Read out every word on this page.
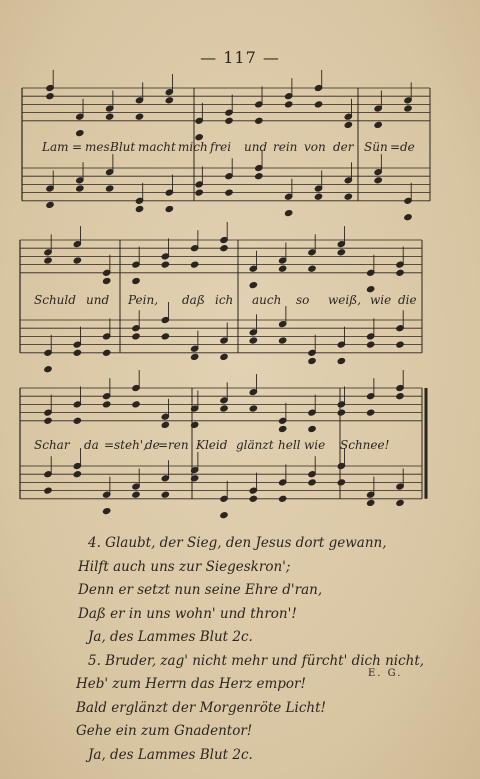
— 117 —
Lam = mes Blut macht mich frei und rein von der Sün = de
Schuld und Pein, daß ich auch so weiß, wie die
Schar da = steh',
de
= ren Kleid glänzt hell wie Schnee!
4. Glaubt, der Sieg, den Jesus dort gewann,
Hilft auch uns zur Siegeskron';
Denn er setzt nun seine Ehre d'ran,
Daß er in uns wohn' und thron'!
Ja, des Lammes Blut 2c.
5. Bruder, zag' nicht mehr und fürcht' dich nicht,
Heb' zum Herrn das Herz empor!
Bald erglänzt der Morgenröte Licht!
Gehe ein zum Gnadentor!
Ja, des Lammes Blut 2c.
E. G.
